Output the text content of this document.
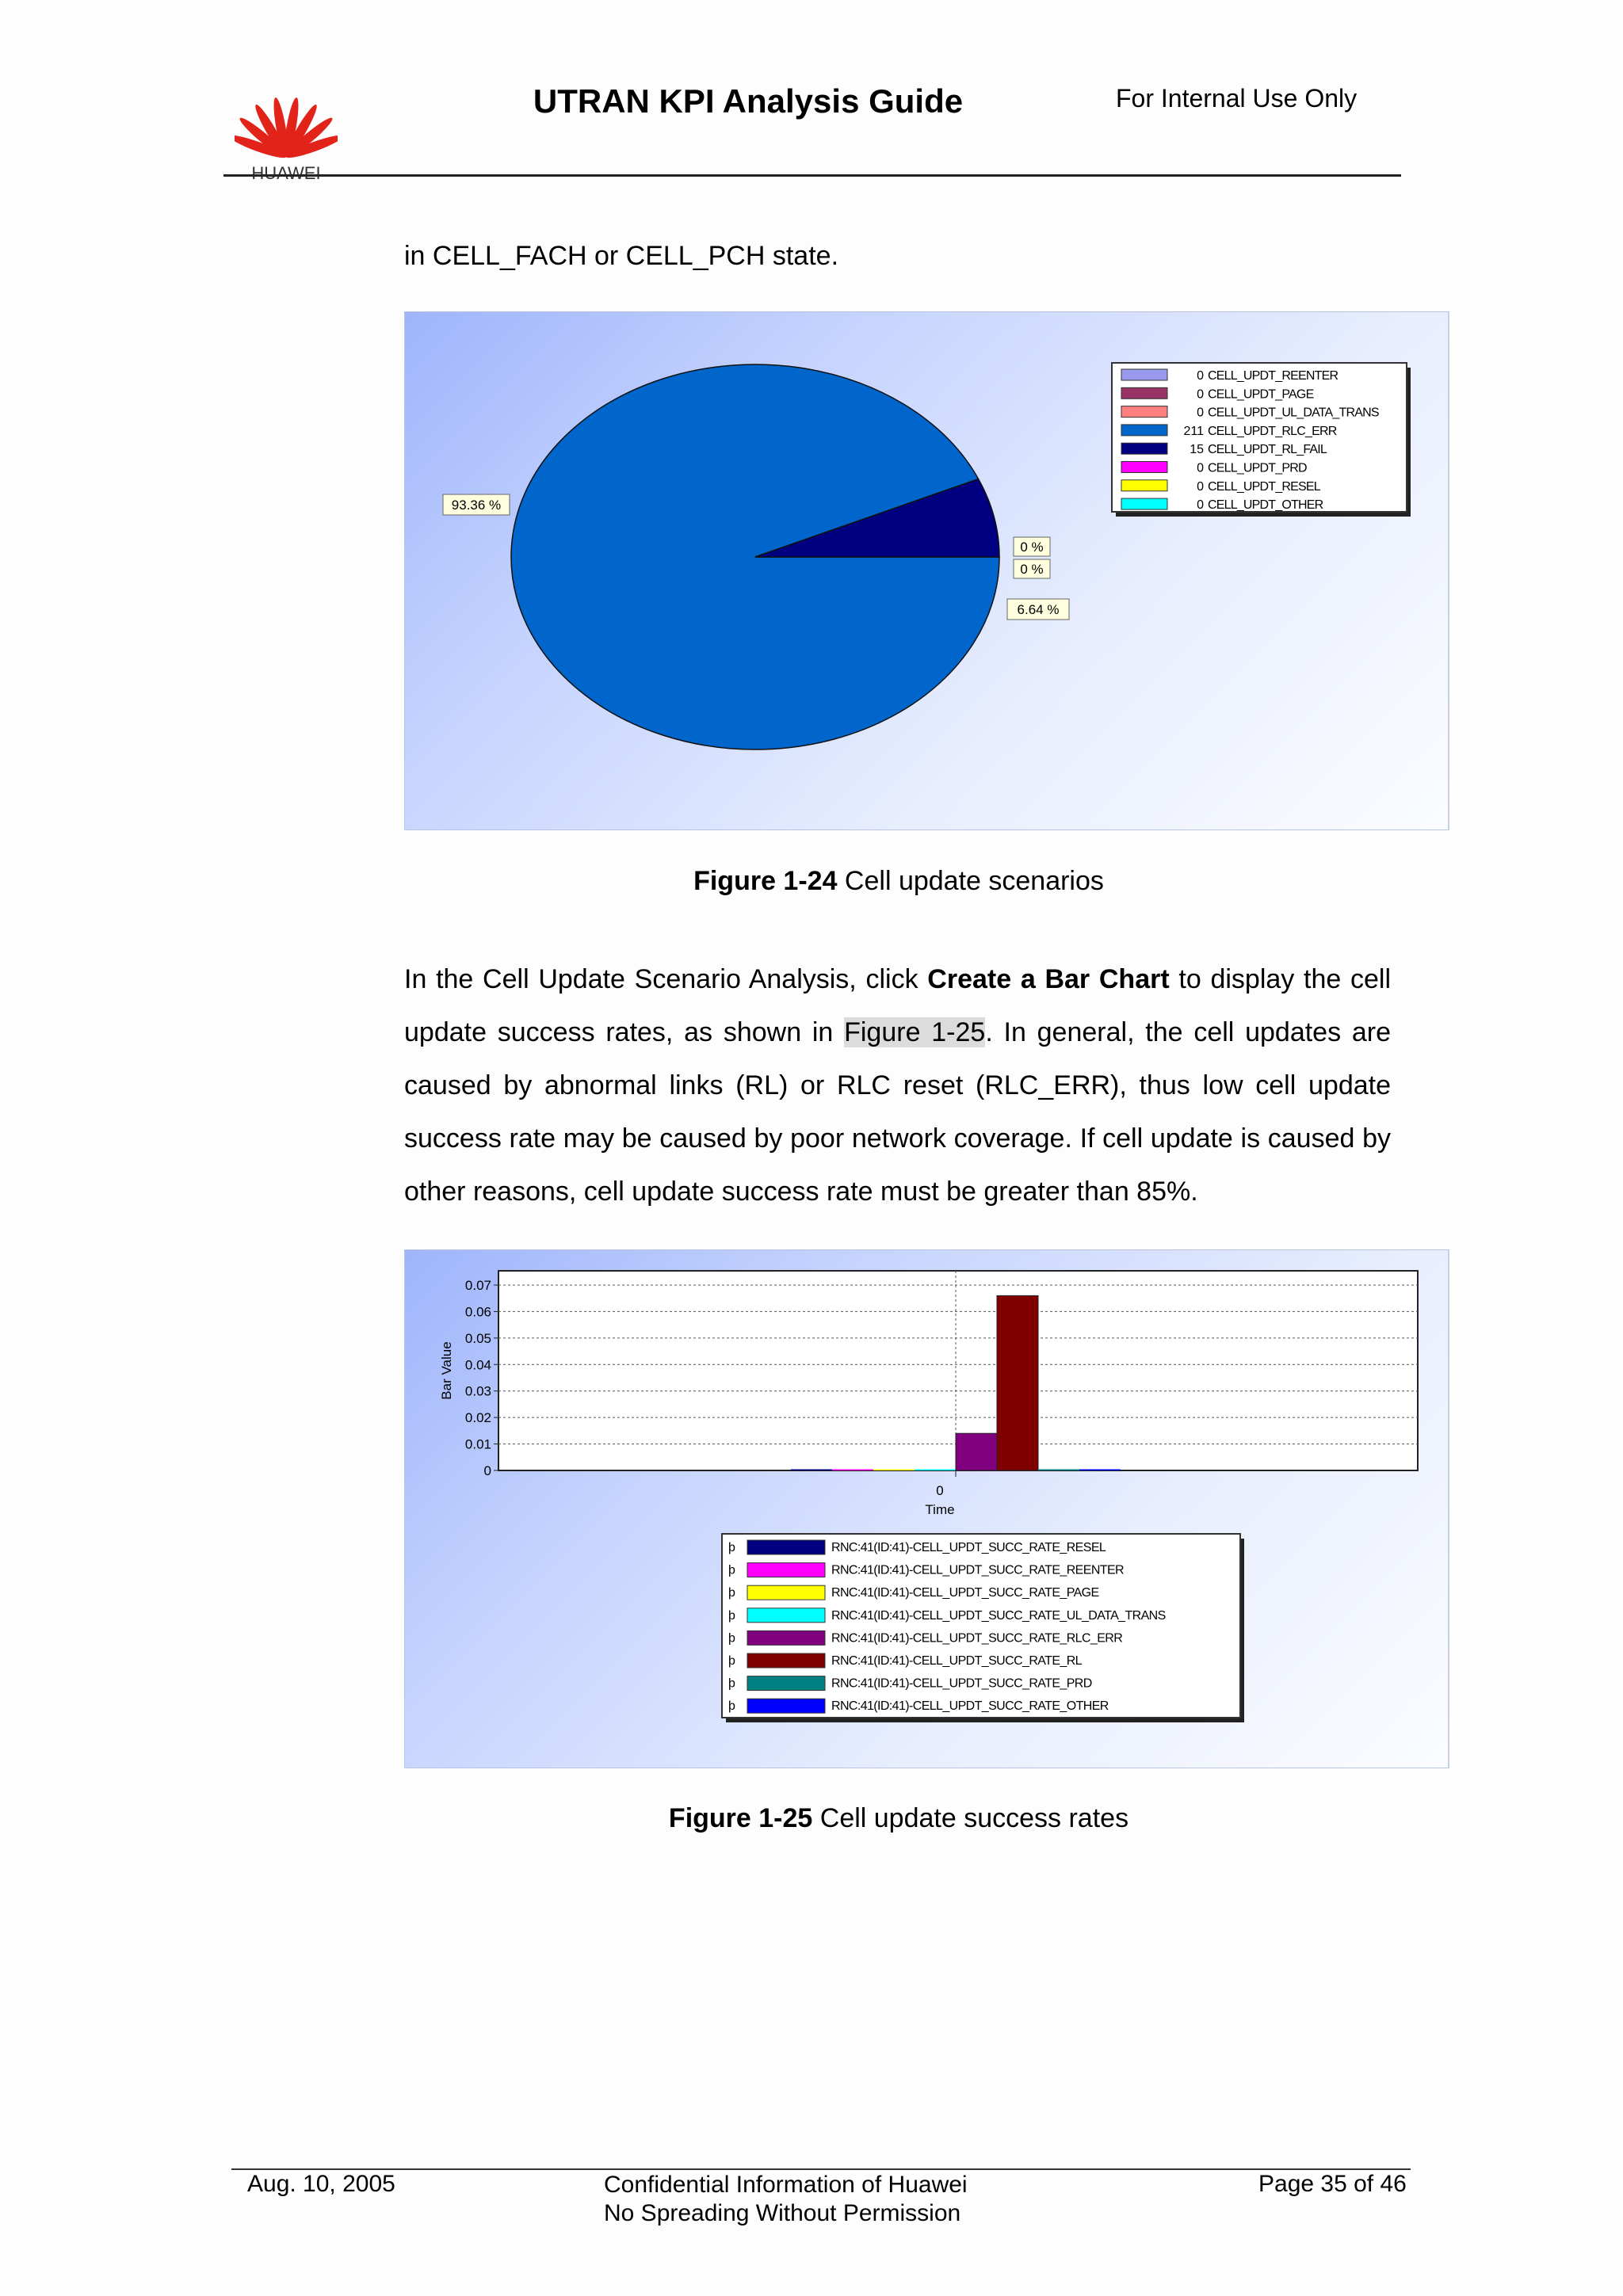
HUAWEI
UTRAN KPI Analysis Guide	For Internal Use Only
in CELL_FACH or CELL_PCH state.
93.36 %
0 %
0 %
6.64 %
0 CELL_UPDT_REENTER
0 CELL_UPDT_PAGE
0 CELL_UPDT_UL_DATA_TRANS
211 CELL_UPDT_RLC_ERR
15 CELL_UPDT_RL_FAIL
0 CELL_UPDT_PRD
0 CELL_UPDT_RESEL
0 CELL_UPDT_OTHER
Figure 1-24 Cell update scenarios
In the Cell Update Scenario Analysis, click Create a Bar Chart to display the cell update success rates, as shown in Figure 1-25. In general, the cell updates are caused by abnormal links (RL) or RLC reset (RLC_ERR), thus low cell update success rate may be caused by poor network coverage. If cell update is caused by other reasons, cell update success rate must be greater than 85%.
0
0.01
0.02
0.03
0.04
0.05
0.06
0.07
0
Time
Bar Value
þ	RNC:41(ID:41)-CELL_UPDT_SUCC_RATE_RESEL
þ	RNC:41(ID:41)-CELL_UPDT_SUCC_RATE_REENTER
þ	RNC:41(ID:41)-CELL_UPDT_SUCC_RATE_PAGE
þ	RNC:41(ID:41)-CELL_UPDT_SUCC_RATE_UL_DATA_TRANS
þ	RNC:41(ID:41)-CELL_UPDT_SUCC_RATE_RLC_ERR
þ	RNC:41(ID:41)-CELL_UPDT_SUCC_RATE_RL
þ	RNC:41(ID:41)-CELL_UPDT_SUCC_RATE_PRD
þ	RNC:41(ID:41)-CELL_UPDT_SUCC_RATE_OTHER
Figure 1-25 Cell update success rates
Aug. 10, 2005	Confidential Information of Huawei
No Spreading Without Permission
Page 35 of 46
